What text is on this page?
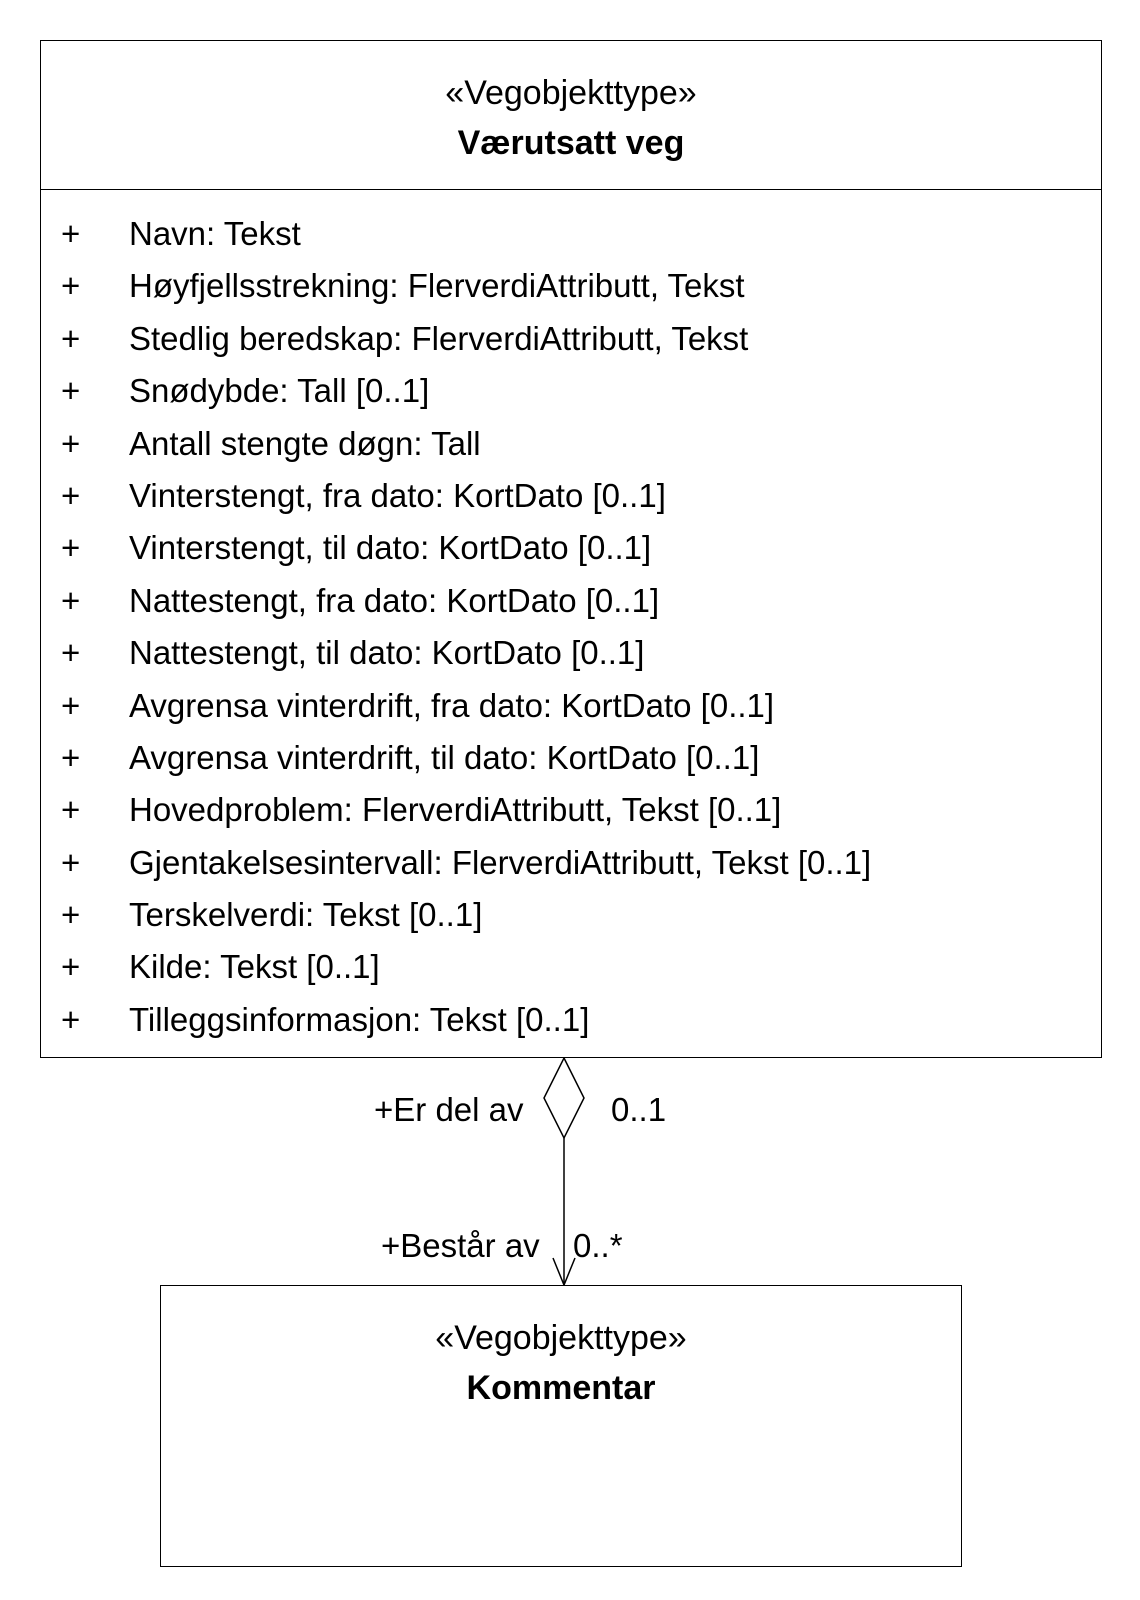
«Vegobjekttype»
Værutsatt veg
+	Navn: Tekst
+	Høyfjellsstrekning: FlerverdiAttributt, Tekst
+	Stedlig beredskap: FlerverdiAttributt, Tekst
+	Snødybde: Tall [0..1]
+	Antall stengte døgn: Tall
+	Vinterstengt, fra dato: KortDato [0..1]
+	Vinterstengt, til dato: KortDato [0..1]
+	Nattestengt, fra dato: KortDato [0..1]
+	Nattestengt, til dato: KortDato [0..1]
+	Avgrensa vinterdrift, fra dato: KortDato [0..1]
+	Avgrensa vinterdrift, til dato: KortDato [0..1]
+	Hovedproblem: FlerverdiAttributt, Tekst [0..1]
+	Gjentakelsesintervall: FlerverdiAttributt, Tekst [0..1]
+	Terskelverdi: Tekst [0..1]
+	Kilde: Tekst [0..1]
+	Tilleggsinformasjon: Tekst [0..1]
+Er del av	0..1
+Består av 0..*
«Vegobjekttype»
Kommentar
